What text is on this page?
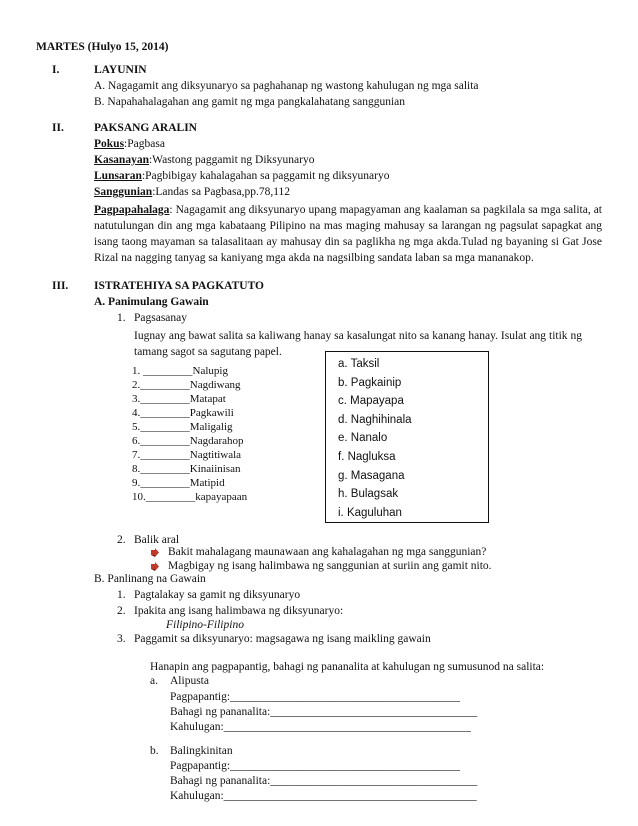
MARTES (Hulyo 15, 2014)
I.	LAYUNIN
A. Nagagamit ang diksyunaryo sa paghahanap ng wastong kahulugan ng mga salita
B. Napahahalagahan ang gamit ng mga pangkalahatang sanggunian
II.	PAKSANG ARALIN
Pokus:Pagbasa
Kasanayan:Wastong paggamit ng Diksyunaryo
Lunsaran:Pagbibigay kahalagahan sa paggamit ng diksyunaryo
Sanggunian:Landas sa Pagbasa,pp.78,112
Pagpapahalaga: Nagagamit ang diksyunaryo upang mapagyaman ang kaalaman sa pagkilala sa mga salita, at natutulungan din ang mga kabataang Pilipino na mas maging mahusay sa larangan ng pagsulat sapagkat ang isang taong mayaman sa talasalitaan ay mahusay din sa paglikha ng mga akda.Tulad ng bayaning si Gat Jose Rizal na nagging tanyag sa kaniyang mga akda na nagsilbing sandata laban sa mga mananakop.
III. ISTRATEHIYA SA PAGKATUTO
A. Panimulang Gawain
1. Pagsasanay
Iugnay ang bawat salita sa kaliwang hanay sa kasalungat nito sa kanang hanay. Isulat ang titik ng tamang sagot sa sagutang papel.
1. _________Nalupig
2._________Nagdiwang
3._________Matapat
4._________Pagkawili
5._________Maligalig
6._________Nagdarahop
7._________Nagtitiwala
8._________Kinaiinisan
9._________Matipid
10._________kapayapaan
a. Taksil
b. Pagkainip
c. Mapayapa
d. Naghihinala
e. Nanalo
f. Nagluksa
g. Masagana
h. Bulagsak
i. Kaguluhan
2. Balik aral
Bakit mahalagang maunawaan ang kahalagahan ng mga sanggunian?
Magbigay ng isang halimbawa ng sanggunian at suriin ang gamit nito.
B. Panlinang na Gawain
1. Pagtalakay sa gamit ng diksyunaryo
2. Ipakita ang isang halimbawa ng diksyunaryo:
Filipino-Filipino
3. Paggamit sa diksyunaryo: magsagawa ng isang maikling gawain
Hanapin ang pagpapantig, bahagi ng pananalita at kahulugan ng sumusunod na salita:
a. Alipusta
Pagpapantig:________________________________________
Bahagi ng pananalita:____________________________________
Kahulugan:___________________________________________
b. Balingkinitan
Pagpapantig:________________________________________
Bahagi ng pananalita:____________________________________
Kahulugan:____________________________________________
